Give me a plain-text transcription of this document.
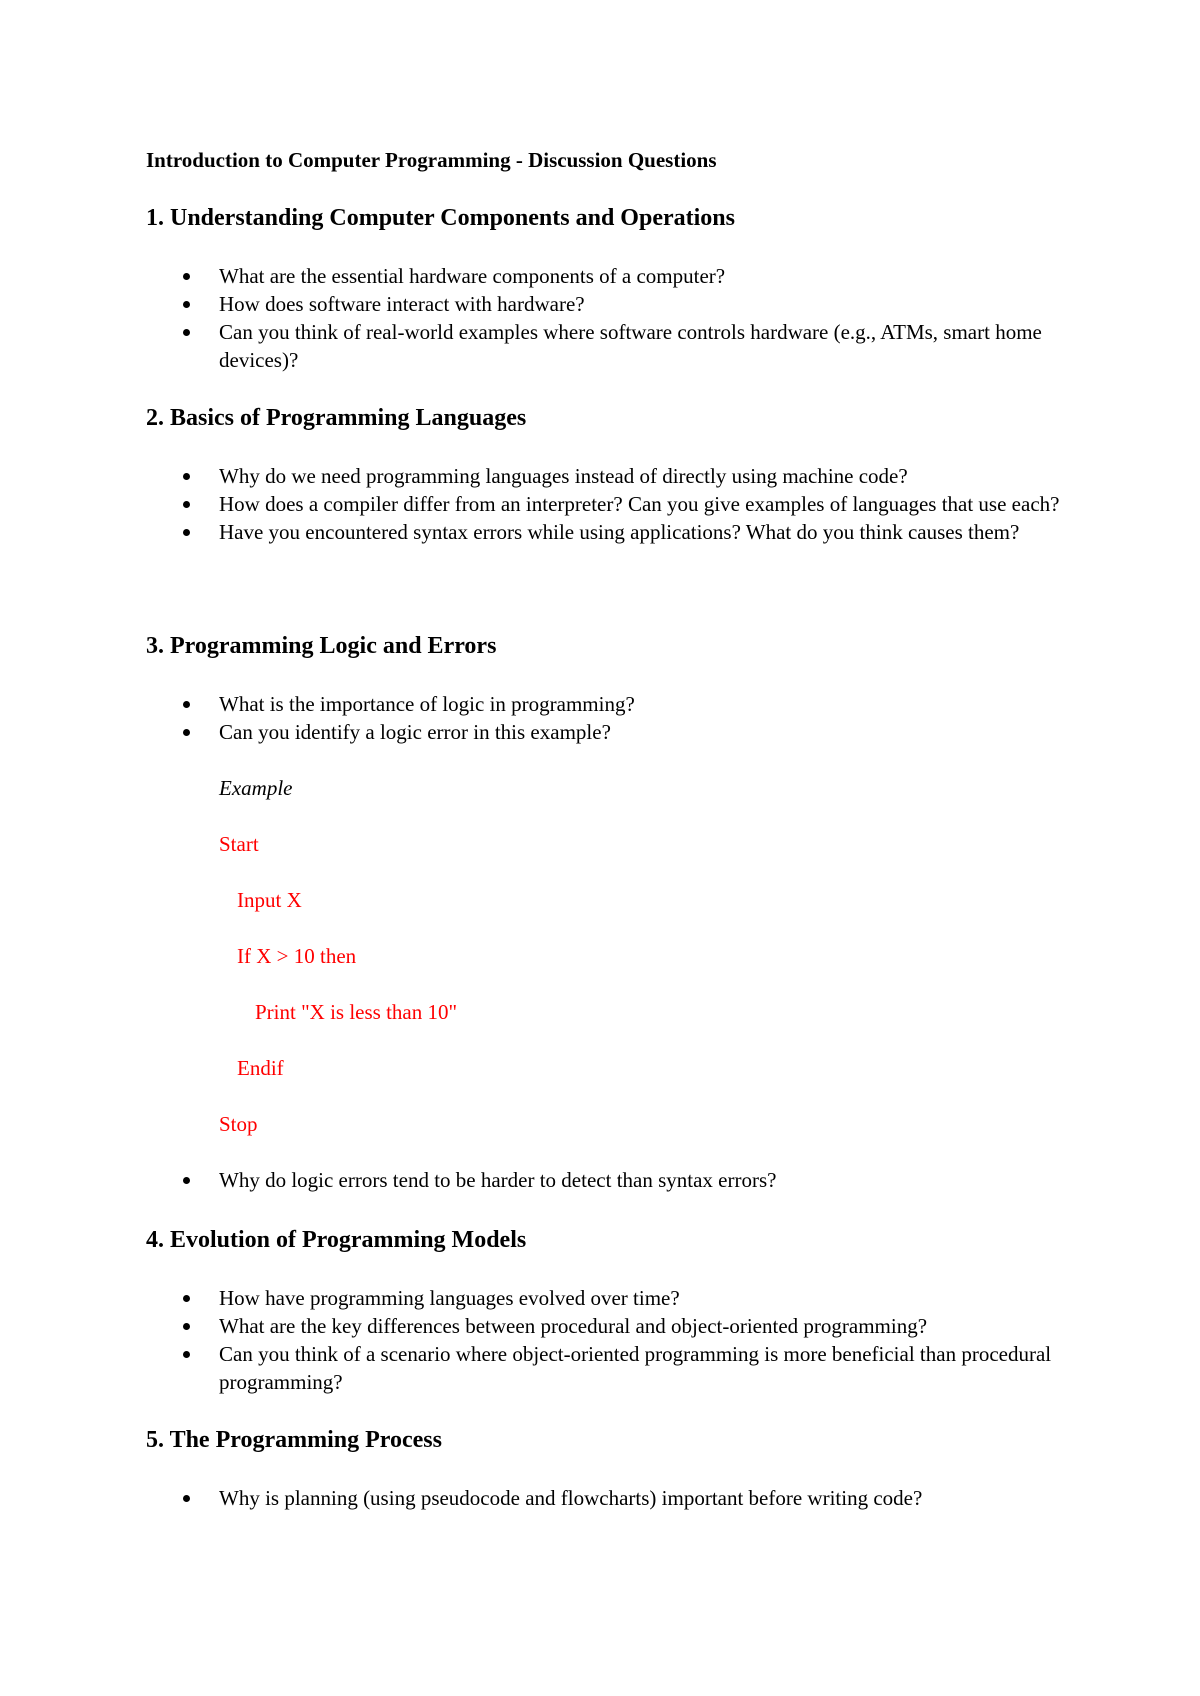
Introduction to Computer Programming - Discussion Questions
1. Understanding Computer Components and Operations
What are the essential hardware components of a computer?
How does software interact with hardware?
Can you think of real-world examples where software controls hardware (e.g., ATMs, smart home devices)?
2. Basics of Programming Languages
Why do we need programming languages instead of directly using machine code?
How does a compiler differ from an interpreter? Can you give examples of languages that use each?
Have you encountered syntax errors while using applications? What do you think causes them?
3. Programming Logic and Errors
What is the importance of logic in programming?
Can you identify a logic error in this example?

Example

Start

Input X

If X > 10 then

Print "X is less than 10"

Endif

Stop

Why do logic errors tend to be harder to detect than syntax errors?
4. Evolution of Programming Models
How have programming languages evolved over time?
What are the key differences between procedural and object-oriented programming?
Can you think of a scenario where object-oriented programming is more beneficial than procedural programming?
5. The Programming Process
Why is planning (using pseudocode and flowcharts) important before writing code?
